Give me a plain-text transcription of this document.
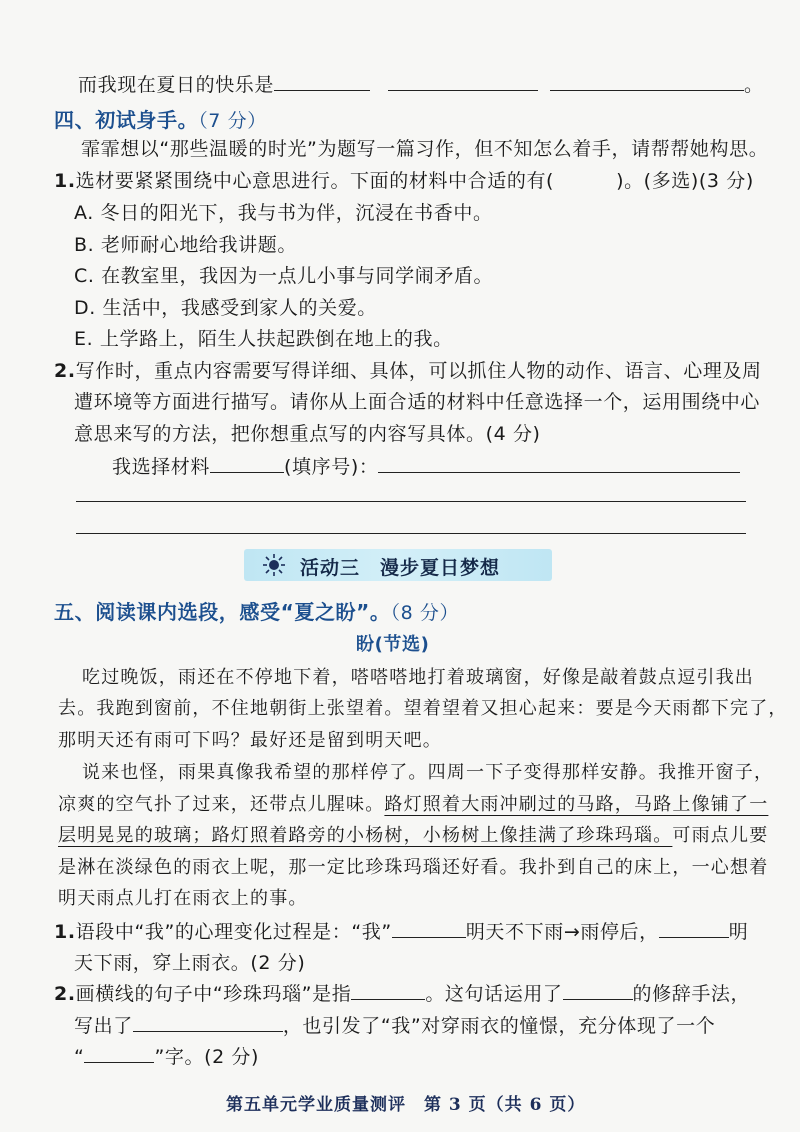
而我现在夏日的快乐是	。
四、初试身手。（7 分）
霏霏想以“那些温暖的时光”为题写一篇习作，但不知怎么着手，请帮帮她构思。
1.选材要紧紧围绕中心意思进行。下面的材料中合适的有(	)。(多选)(3 分)
A. 冬日的阳光下，我与书为伴，沉浸在书香中。
B. 老师耐心地给我讲题。
C. 在教室里，我因为一点儿小事与同学闹矛盾。
D. 生活中，我感受到家人的关爱。
E. 上学路上，陌生人扶起跌倒在地上的我。
2.写作时，重点内容需要写得详细、具体，可以抓住人物的动作、语言、心理及周
遭环境等方面进行描写。请你从上面合适的材料中任意选择一个，运用围绕中心
意思来写的方法，把你想重点写的内容写具体。(4 分)
我选择材料	(填序号)：
活动三　漫步夏日梦想
五、阅读课内选段，感受“夏之盼”。（8 分）
盼(节选)
吃过晚饭，雨还在不停地下着，嗒嗒嗒地打着玻璃窗，好像是敲着鼓点逗引我出
去。我跑到窗前，不住地朝街上张望着。望着望着又担心起来：要是今天雨都下完了，
那明天还有雨可下吗？最好还是留到明天吧。
说来也怪，雨果真像我希望的那样停了。四周一下子变得那样安静。我推开窗子，
凉爽的空气扑了过来，还带点儿腥味。路灯照着大雨冲刷过的马路，马路上像铺了一
层明晃晃的玻璃；路灯照着路旁的小杨树，小杨树上像挂满了珍珠玛瑙。可雨点儿要
是淋在淡绿色的雨衣上呢，那一定比珍珠玛瑙还好看。我扑到自己的床上，一心想着
明天雨点儿打在雨衣上的事。
1.语段中“我”的心理变化过程是：“我”	明天不下雨→雨停后，	明
天下雨，穿上雨衣。(2 分)
2.画横线的句子中“珍珠玛瑙”是指	。这句话运用了	的修辞手法，
写出了	，也引发了“我”对穿雨衣的憧憬，充分体现了一个
“	”字。(2 分)
第五单元学业质量测评　第 3 页（共 6 页）
